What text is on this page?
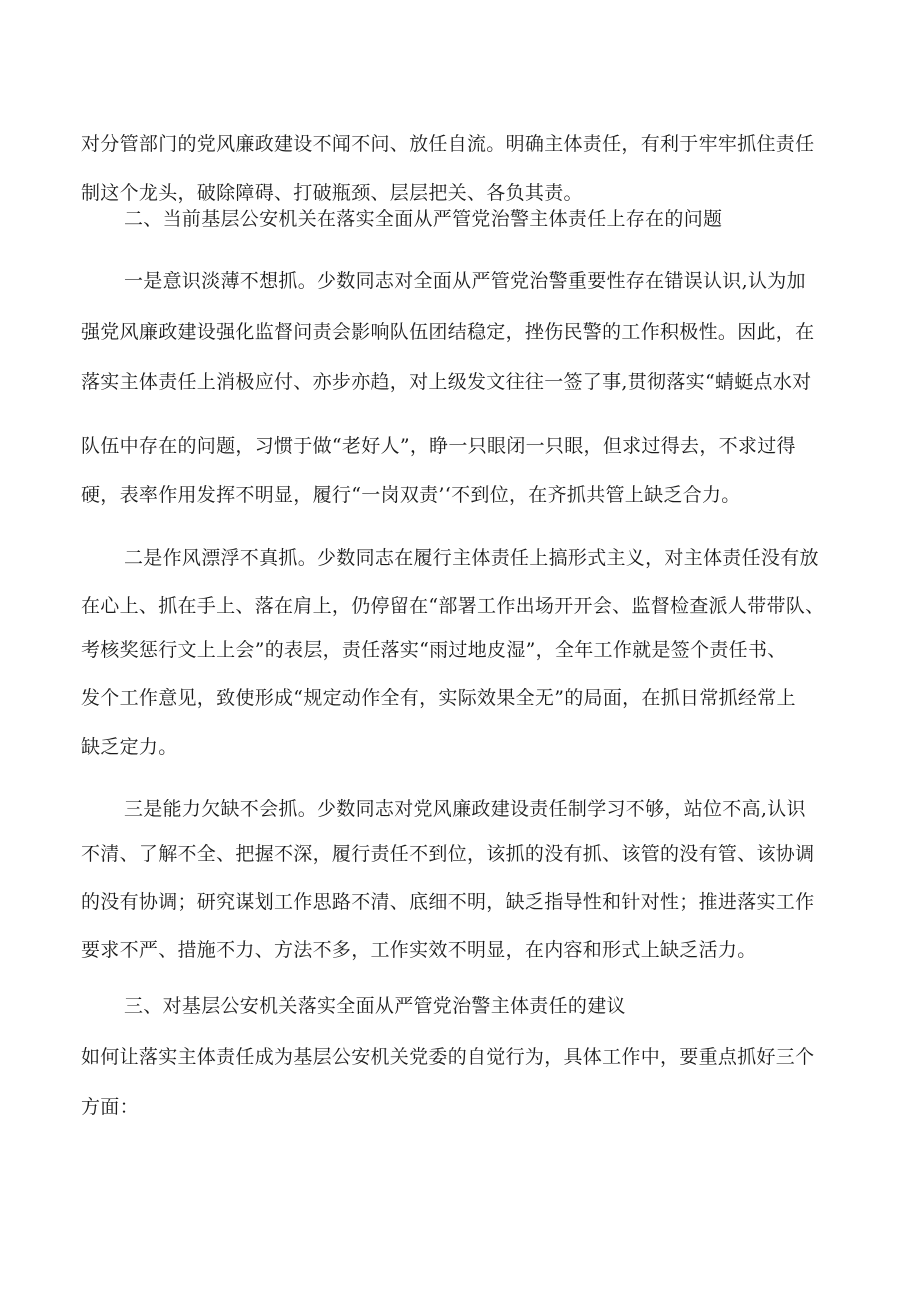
对分管部门的党风廉政建设不闻不问、放任自流。明确主体责任，有利于牢牢抓住责任
制这个龙头，破除障碍、打破瓶颈、层层把关、各负其责。
二、当前基层公安机关在落实全面从严管党治警主体责任上存在的问题
一是意识淡薄不想抓。少数同志对全面从严管党治警重要性存在错误认识,认为加
强党风廉政建设强化监督问责会影响队伍团结稳定，挫伤民警的工作积极性。因此，在
落实主体责任上消极应付、亦步亦趋，对上级发文往往一签了事,贯彻落实“蜻蜓点水对
队伍中存在的问题，习惯于做“老好人”，睁一只眼闭一只眼，但求过得去，不求过得
硬，表率作用发挥不明显，履行“一岗双责’‘不到位，在齐抓共管上缺乏合力。
二是作风漂浮不真抓。少数同志在履行主体责任上搞形式主义，对主体责任没有放
在心上、抓在手上、落在肩上，仍停留在“部署工作出场开开会、监督检查派人带带队、
考核奖惩行文上上会”的表层，责任落实“雨过地皮湿”，全年工作就是签个责任书、
发个工作意见，致使形成“规定动作全有，实际效果全无”的局面，在抓日常抓经常上
缺乏定力。
三是能力欠缺不会抓。少数同志对党风廉政建设责任制学习不够，站位不高,认识
不清、了解不全、把握不深，履行责任不到位，该抓的没有抓、该管的没有管、该协调
的没有协调；研究谋划工作思路不清、底细不明，缺乏指导性和针对性；推进落实工作
要求不严、措施不力、方法不多，工作实效不明显，在内容和形式上缺乏活力。
三、对基层公安机关落实全面从严管党治警主体责任的建议
如何让落实主体责任成为基层公安机关党委的自觉行为，具体工作中，要重点抓好三个
方面：
